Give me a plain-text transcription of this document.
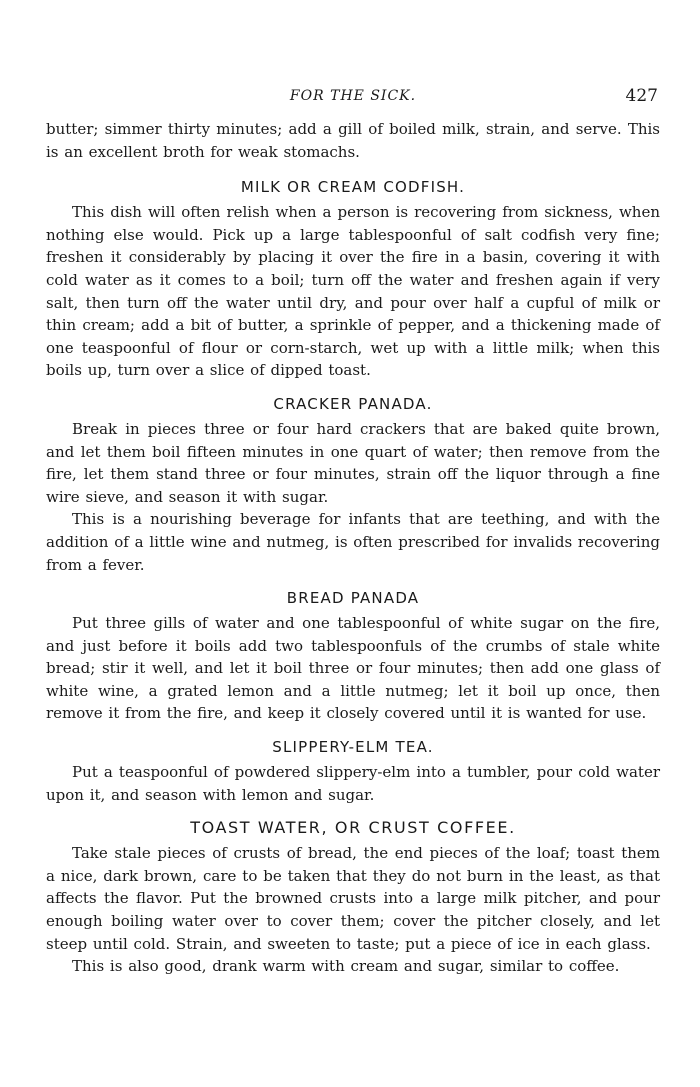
FOR THE SICK.	427

butter; simmer thirty minutes; add a gill of boiled milk, strain, and serve. This is an excellent broth for weak stomachs.

MILK OR CREAM CODFISH.

This dish will often relish when a person is recovering from sickness, when nothing else would. Pick up a large tablespoonful of salt codfish very fine; freshen it considerably by placing it over the fire in a basin, covering it with cold water as it comes to a boil; turn off the water and freshen again if very salt, then turn off the water until dry, and pour over half a cupful of milk or thin cream; add a bit of butter, a sprinkle of pepper, and a thickening made of one teaspoonful of flour or corn-starch, wet up with a little milk; when this boils up, turn over a slice of dipped toast.

CRACKER PANADA.

Break in pieces three or four hard crackers that are baked quite brown, and let them boil fifteen minutes in one quart of water; then remove from the fire, let them stand three or four minutes, strain off the liquor through a fine wire sieve, and season it with sugar.

This is a nourishing beverage for infants that are teething, and with the addition of a little wine and nutmeg, is often prescribed for invalids recovering from a fever.

BREAD PANADA

Put three gills of water and one tablespoonful of white sugar on the fire, and just before it boils add two tablespoonfuls of the crumbs of stale white bread; stir it well, and let it boil three or four minutes; then add one glass of white wine, a grated lemon and a little nutmeg; let it boil up once, then remove it from the fire, and keep it closely covered until it is wanted for use.

SLIPPERY-ELM TEA.

Put a teaspoonful of powdered slippery-elm into a tumbler, pour cold water upon it, and season with lemon and sugar.

TOAST WATER, OR CRUST COFFEE.

Take stale pieces of crusts of bread, the end pieces of the loaf; toast them a nice, dark brown, care to be taken that they do not burn in the least, as that affects the flavor. Put the browned crusts into a large milk pitcher, and pour enough boiling water over to cover them; cover the pitcher closely, and let steep until cold. Strain, and sweeten to taste; put a piece of ice in each glass.

This is also good, drank warm with cream and sugar, similar to coffee.
